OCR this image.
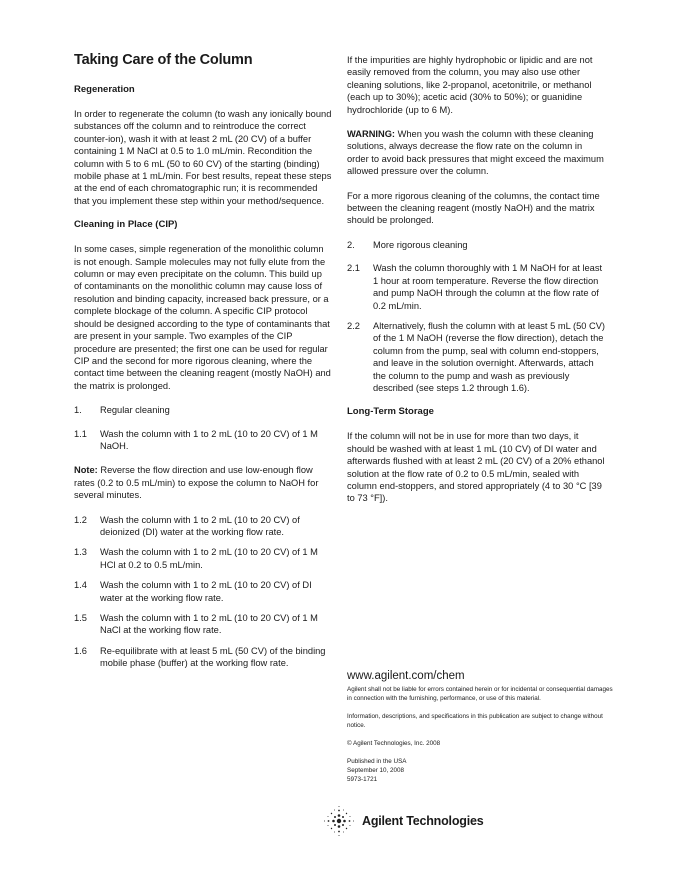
Taking Care of the Column
Regeneration

In order to regenerate the column (to wash any ionically bound substances off the column and to reintroduce the correct counter-ion), wash it with at least 2 mL (20 CV) of a buffer containing 1 M NaCl at 0.5 to 1.0 mL/min. Recondition the column with 5 to 6 mL (50 to 60 CV) of the starting (binding) mobile phase at 1 mL/min. For best results, repeat these steps at the end of each chromatographic run; it is recommended that you implement these step within your method/sequence.

Cleaning in Place (CIP)

In some cases, simple regeneration of the monolithic column is not enough. Sample molecules may not fully elute from the column or may even precipitate on the column. This build up of contaminants on the monolithic column may cause loss of resolution and binding capacity, increased back pressure, or a complete blockage of the column. A specific CIP protocol should be designed according to the type of contaminants that are present in your sample. Two examples of the CIP procedure are presented; the first one can be used for regular CIP and the second for more rigorous cleaning, where the contact time between the cleaning reagent (mostly NaOH) and the matrix is prolonged.

1.	Regular cleaning
1.1	Wash the column with 1 to 2 mL (10 to 20 CV) of 1 M NaOH.

Note: Reverse the flow direction and use low-enough flow rates (0.2 to 0.5 mL/min) to expose the column to NaOH for several minutes.

1.2	Wash the column with 1 to 2 mL (10 to 20 CV) of deionized (DI) water at the working flow rate.
1.3	Wash the column with 1 to 2 mL (10 to 20 CV) of 1 M HCl at 0.2 to 0.5 mL/min.
1.4	Wash the column with 1 to 2 mL (10 to 20 CV) of DI water at the working flow rate.
1.5	Wash the column with 1 to 2 mL (10 to 20 CV) of 1 M NaCl at the working flow rate.
1.6	Re-equilibrate with at least 5 mL (50 CV) of the binding mobile phase (buffer) at the working flow rate.

If the impurities are highly hydrophobic or lipidic and are not easily removed from the column, you may also use other cleaning solutions, like 2-propanol, acetonitrile, or methanol (each up to 30%); acetic acid (30% to 50%); or guanidine hydrochloride (up to 6 M).

WARNING: When you wash the column with these cleaning solutions, always decrease the flow rate on the column in order to avoid back pressures that might exceed the maximum allowed pressure over the column.

For a more rigorous cleaning of the columns, the contact time between the cleaning reagent (mostly NaOH) and the matrix should be prolonged.

2.	More rigorous cleaning
2.1	Wash the column thoroughly with 1 M NaOH for at least 1 hour at room temperature. Reverse the flow direction and pump NaOH through the column at the flow rate of 0.2 mL/min.
2.2	Alternatively, flush the column with at least 5 mL (50 CV) of the 1 M NaOH (reverse the flow direction), detach the column from the pump, seal with column end-stoppers, and leave in the solution overnight. Afterwards, attach the column to the pump and wash as previously described (see steps 1.2 through 1.6).
Long-Term Storage

If the column will not be in use for more than two days, it should be washed with at least 1 mL (10 CV) of DI water and afterwards flushed with at least 2 mL (20 CV) of a 20% ethanol solution at the flow rate of 0.2 to 0.5 mL/min, sealed with column end-stoppers, and stored appropriately (4 to 30 °C [39 to 73 °F]).

www.agilent.com/chem

Agilent shall not be liable for errors contained herein or for incidental or consequential damages in connection with the furnishing, performance, or use of this material.

Information, descriptions, and specifications in this publication are subject to change without notice.

© Agilent Technologies, Inc. 2008

Published in the USA

September 10, 2008

5973-1721

Agilent Technologies
